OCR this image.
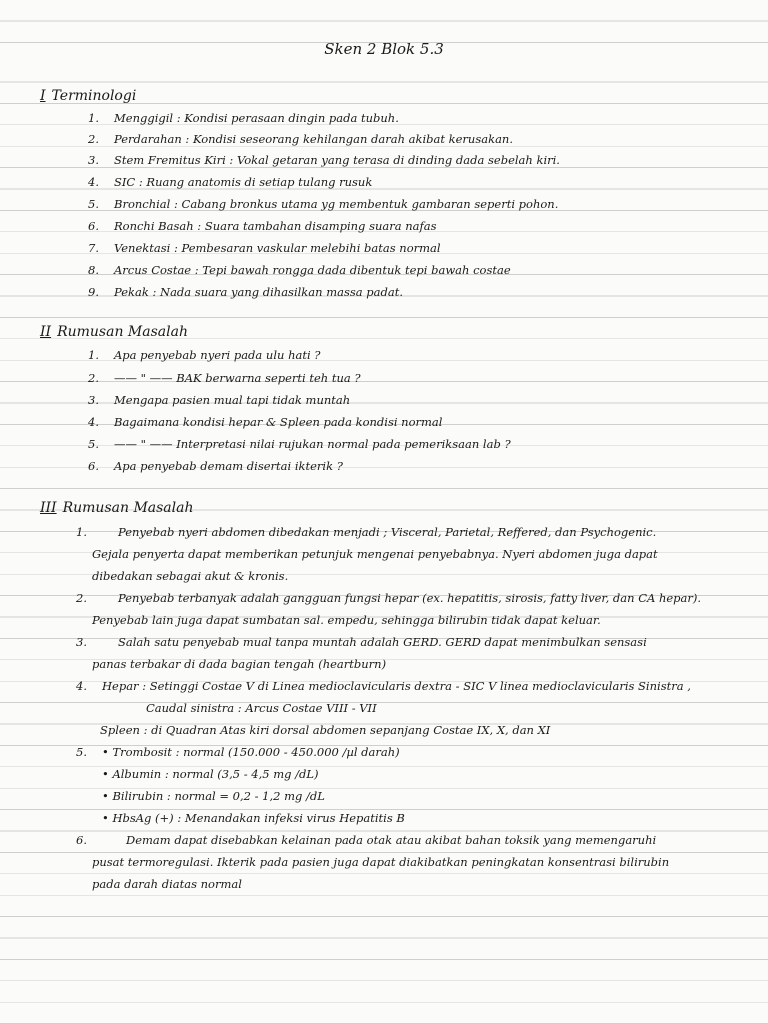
Sken 2 Blok 5.3
I Terminologi
1. Menggigil : Kondisi perasaan dingin pada tubuh.
2. Perdarahan : Kondisi seseorang kehilangan darah akibat kerusakan.
3. Stem Fremitus Kiri : Vokal getaran yang terasa di dinding dada sebelah kiri.
4. SIC : Ruang anatomis di setiap tulang rusuk
5. Bronchial : Cabang bronkus utama yg membentuk gambaran seperti pohon.
6. Ronchi Basah : Suara tambahan disamping suara nafas
7. Venektasi : Pembesaran vaskular melebihi batas normal
8. Arcus Costae : Tepi bawah rongga dada dibentuk tepi bawah costae
9. Pekak : Nada suara yang dihasilkan massa padat.
II Rumusan Masalah
1. Apa penyebab nyeri pada ulu hati ?
2. —— " —— BAK berwarna seperti teh tua ?
3. Mengapa pasien mual tapi tidak muntah
4. Bagaimana kondisi hepar & Spleen pada kondisi normal
5. —— " —— Interpretasi nilai rujukan normal pada pemeriksaan lab ?
6. Apa penyebab demam disertai ikterik ?
III Rumusan Masalah
1.	Penyebab nyeri abdomen dibedakan menjadi ; Visceral, Parietal, Reffered, dan Psychogenic.
Gejala penyerta dapat memberikan petunjuk mengenai penyebabnya. Nyeri abdomen juga dapat
dibedakan sebagai akut & kronis.
2.	Penyebab terbanyak adalah gangguan fungsi hepar (ex. hepatitis, sirosis, fatty liver, dan CA hepar).
Penyebab lain juga dapat sumbatan sal. empedu, sehingga bilirubin tidak dapat keluar.
3.	Salah satu penyebab mual tanpa muntah adalah GERD. GERD dapat menimbulkan sensasi
panas terbakar di dada bagian tengah (heartburn)
4. Hepar : Setinggi Costae V di Linea medioclavicularis dextra - SIC V linea medioclavicularis Sinistra ,
Caudal sinistra : Arcus Costae VIII - VII
Spleen : di Quadran Atas kiri dorsal abdomen sepanjang Costae IX, X, dan XI
5. • Trombosit : normal (150.000 - 450.000 /µl darah)
• Albumin : normal (3,5 - 4,5 mg /dL)
• Bilirubin : normal = 0,2 - 1,2 mg /dL
• HbsAg (+) : Menandakan infeksi virus Hepatitis B
6.	Demam dapat disebabkan kelainan pada otak atau akibat bahan toksik yang memengaruhi
pusat termoregulasi. Ikterik pada pasien juga dapat diakibatkan peningkatan konsentrasi bilirubin
pada darah diatas normal
